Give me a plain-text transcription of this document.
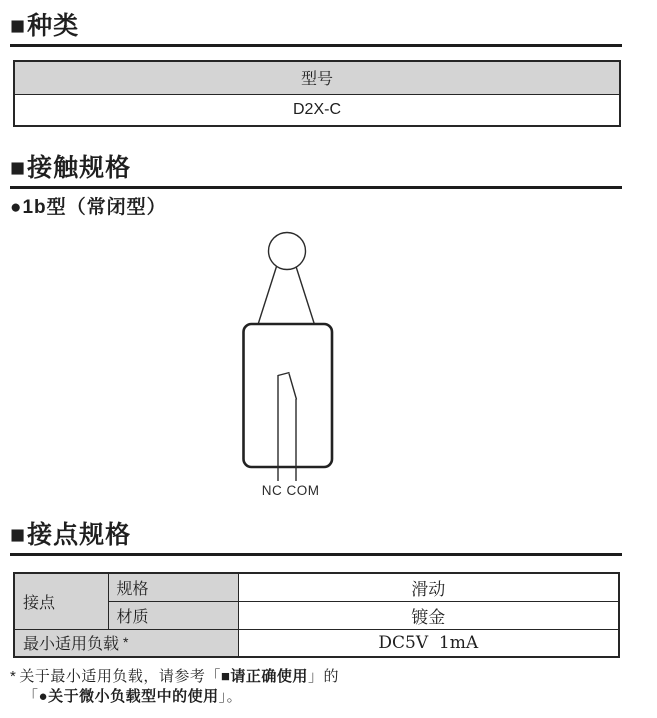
■种类
型号
D2X-C
■接触规格
●1b型（常闭型）
NC COM
■接点规格
接点	规格	滑动
	材质	镀金
最小适用负载 *		DC5V  1mA
* 关于最小适用负载，请参考「■请正确使用」的
「●关于微小负载型中的使用」。
